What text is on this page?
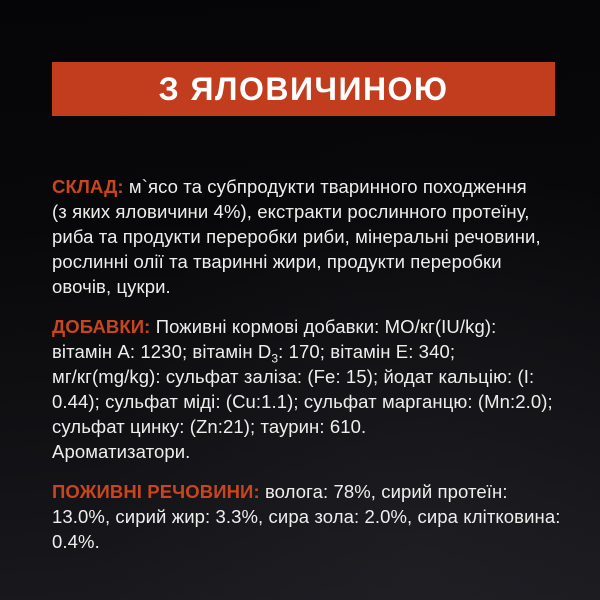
З ЯЛОВИЧИНОЮ
СКЛАД: м`ясо та субпродукти тваринного походження
(з яких яловичини 4%), екстракти рослинного протеїну,
риба та продукти переробки риби, мінеральні речовини,
рослинні олії та тваринні жири, продукти переробки
овочів, цукри.
ДОБАВКИ: Поживні кормові добавки: МО/кг(IU/kg):
вітамін А: 1230; вітамін $D_3$: 170; вітамін Е: 340;
мг/кг(mg/kg): сульфат заліза: (Fe: 15); йодат кальцію: (I:
0.44); сульфат міді: (Cu:1.1); сульфат марганцю: (Mn:2.0);
сульфат цинку: (Zn:21); таурин: 610.
Ароматизатори.
ПОЖИВНІ РЕЧОВИНИ: волога: 78%, сирий протеїн:
13.0%, сирий жир: 3.3%, сира зола: 2.0%, сира клітковина:
0.4%.
